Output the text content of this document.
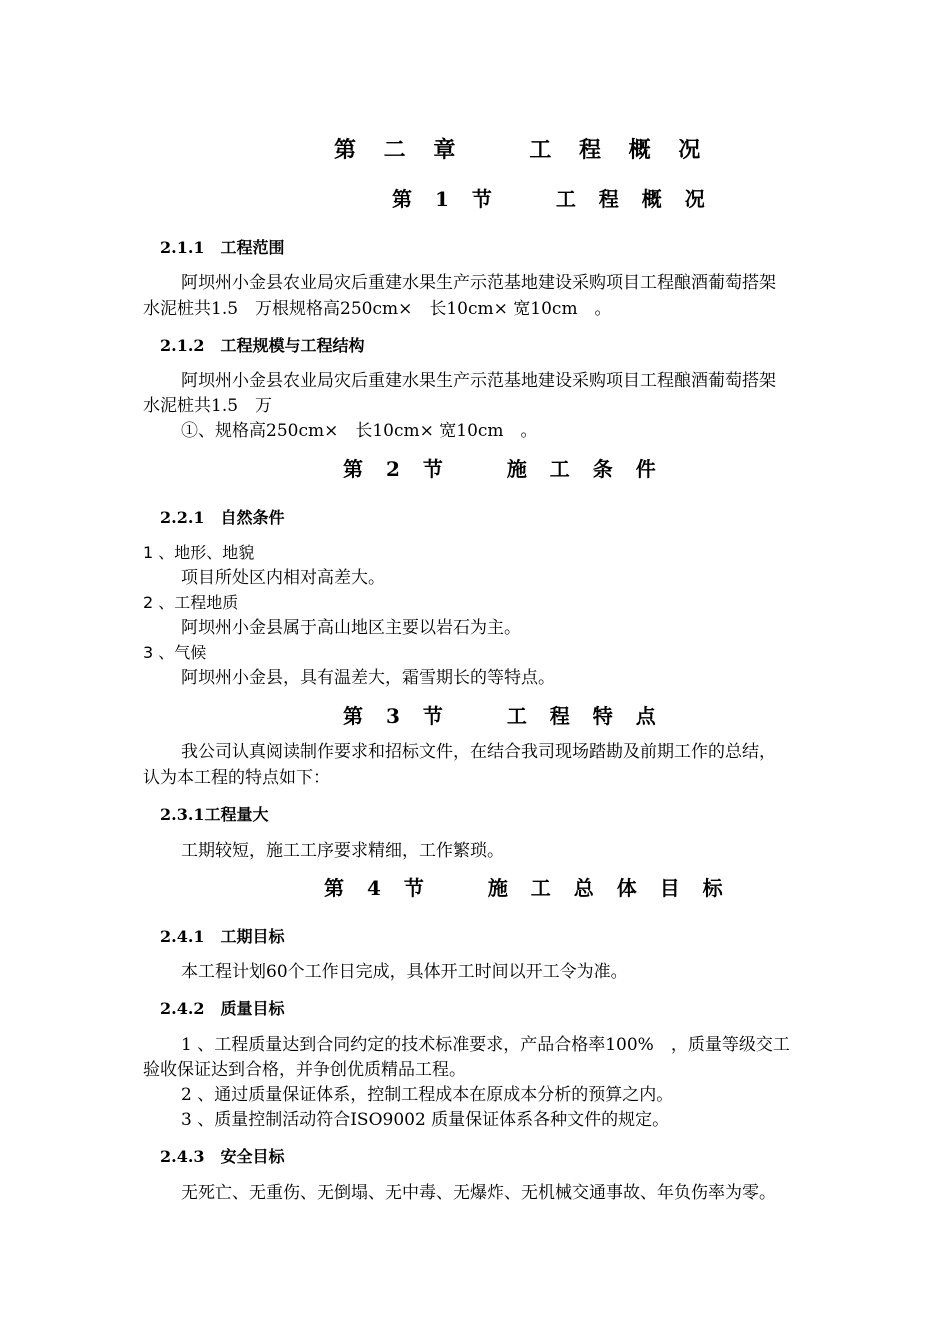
第 二 章　　工 程 概 况
第 1 节　　工 程 概 况
2.1.1　工程范围
阿坝州小金县农业局灾后重建水果生产示范基地建设采购项目工程酿酒葡萄搭架
水泥桩共1.5　万根规格高250cm×　长10cm× 宽10cm　。
2.1.2　工程规模与工程结构
阿坝州小金县农业局灾后重建水果生产示范基地建设采购项目工程酿酒葡萄搭架
水泥桩共1.5　万
①、规格高250cm×　长10cm× 宽10cm　。
第 2 节　　施 工 条 件
2.2.1　自然条件
1 、地形、地貌
项目所处区内相对高差大。
2 、工程地质
阿坝州小金县属于高山地区主要以岩石为主。
3 、气候
阿坝州小金县，具有温差大，霜雪期长的等特点。
第 3 节　　工 程 特 点
我公司认真阅读制作要求和招标文件，在结合我司现场踏勘及前期工作的总结，
认为本工程的特点如下：
2.3.1工程量大
工期较短，施工工序要求精细，工作繁琐。
第 4 节　　施 工 总 体 目 标
2.4.1　工期目标
本工程计划60个工作日完成，具体开工时间以开工令为准。
2.4.2　质量目标
1 、工程质量达到合同约定的技术标准要求，产品合格率100%　，质量等级交工
验收保证达到合格，并争创优质精品工程。
2 、通过质量保证体系，控制工程成本在原成本分析的预算之内。
3 、质量控制活动符合ISO9002 质量保证体系各种文件的规定。
2.4.3　安全目标
无死亡、无重伤、无倒塌、无中毒、无爆炸、无机械交通事故、年负伤率为零。
